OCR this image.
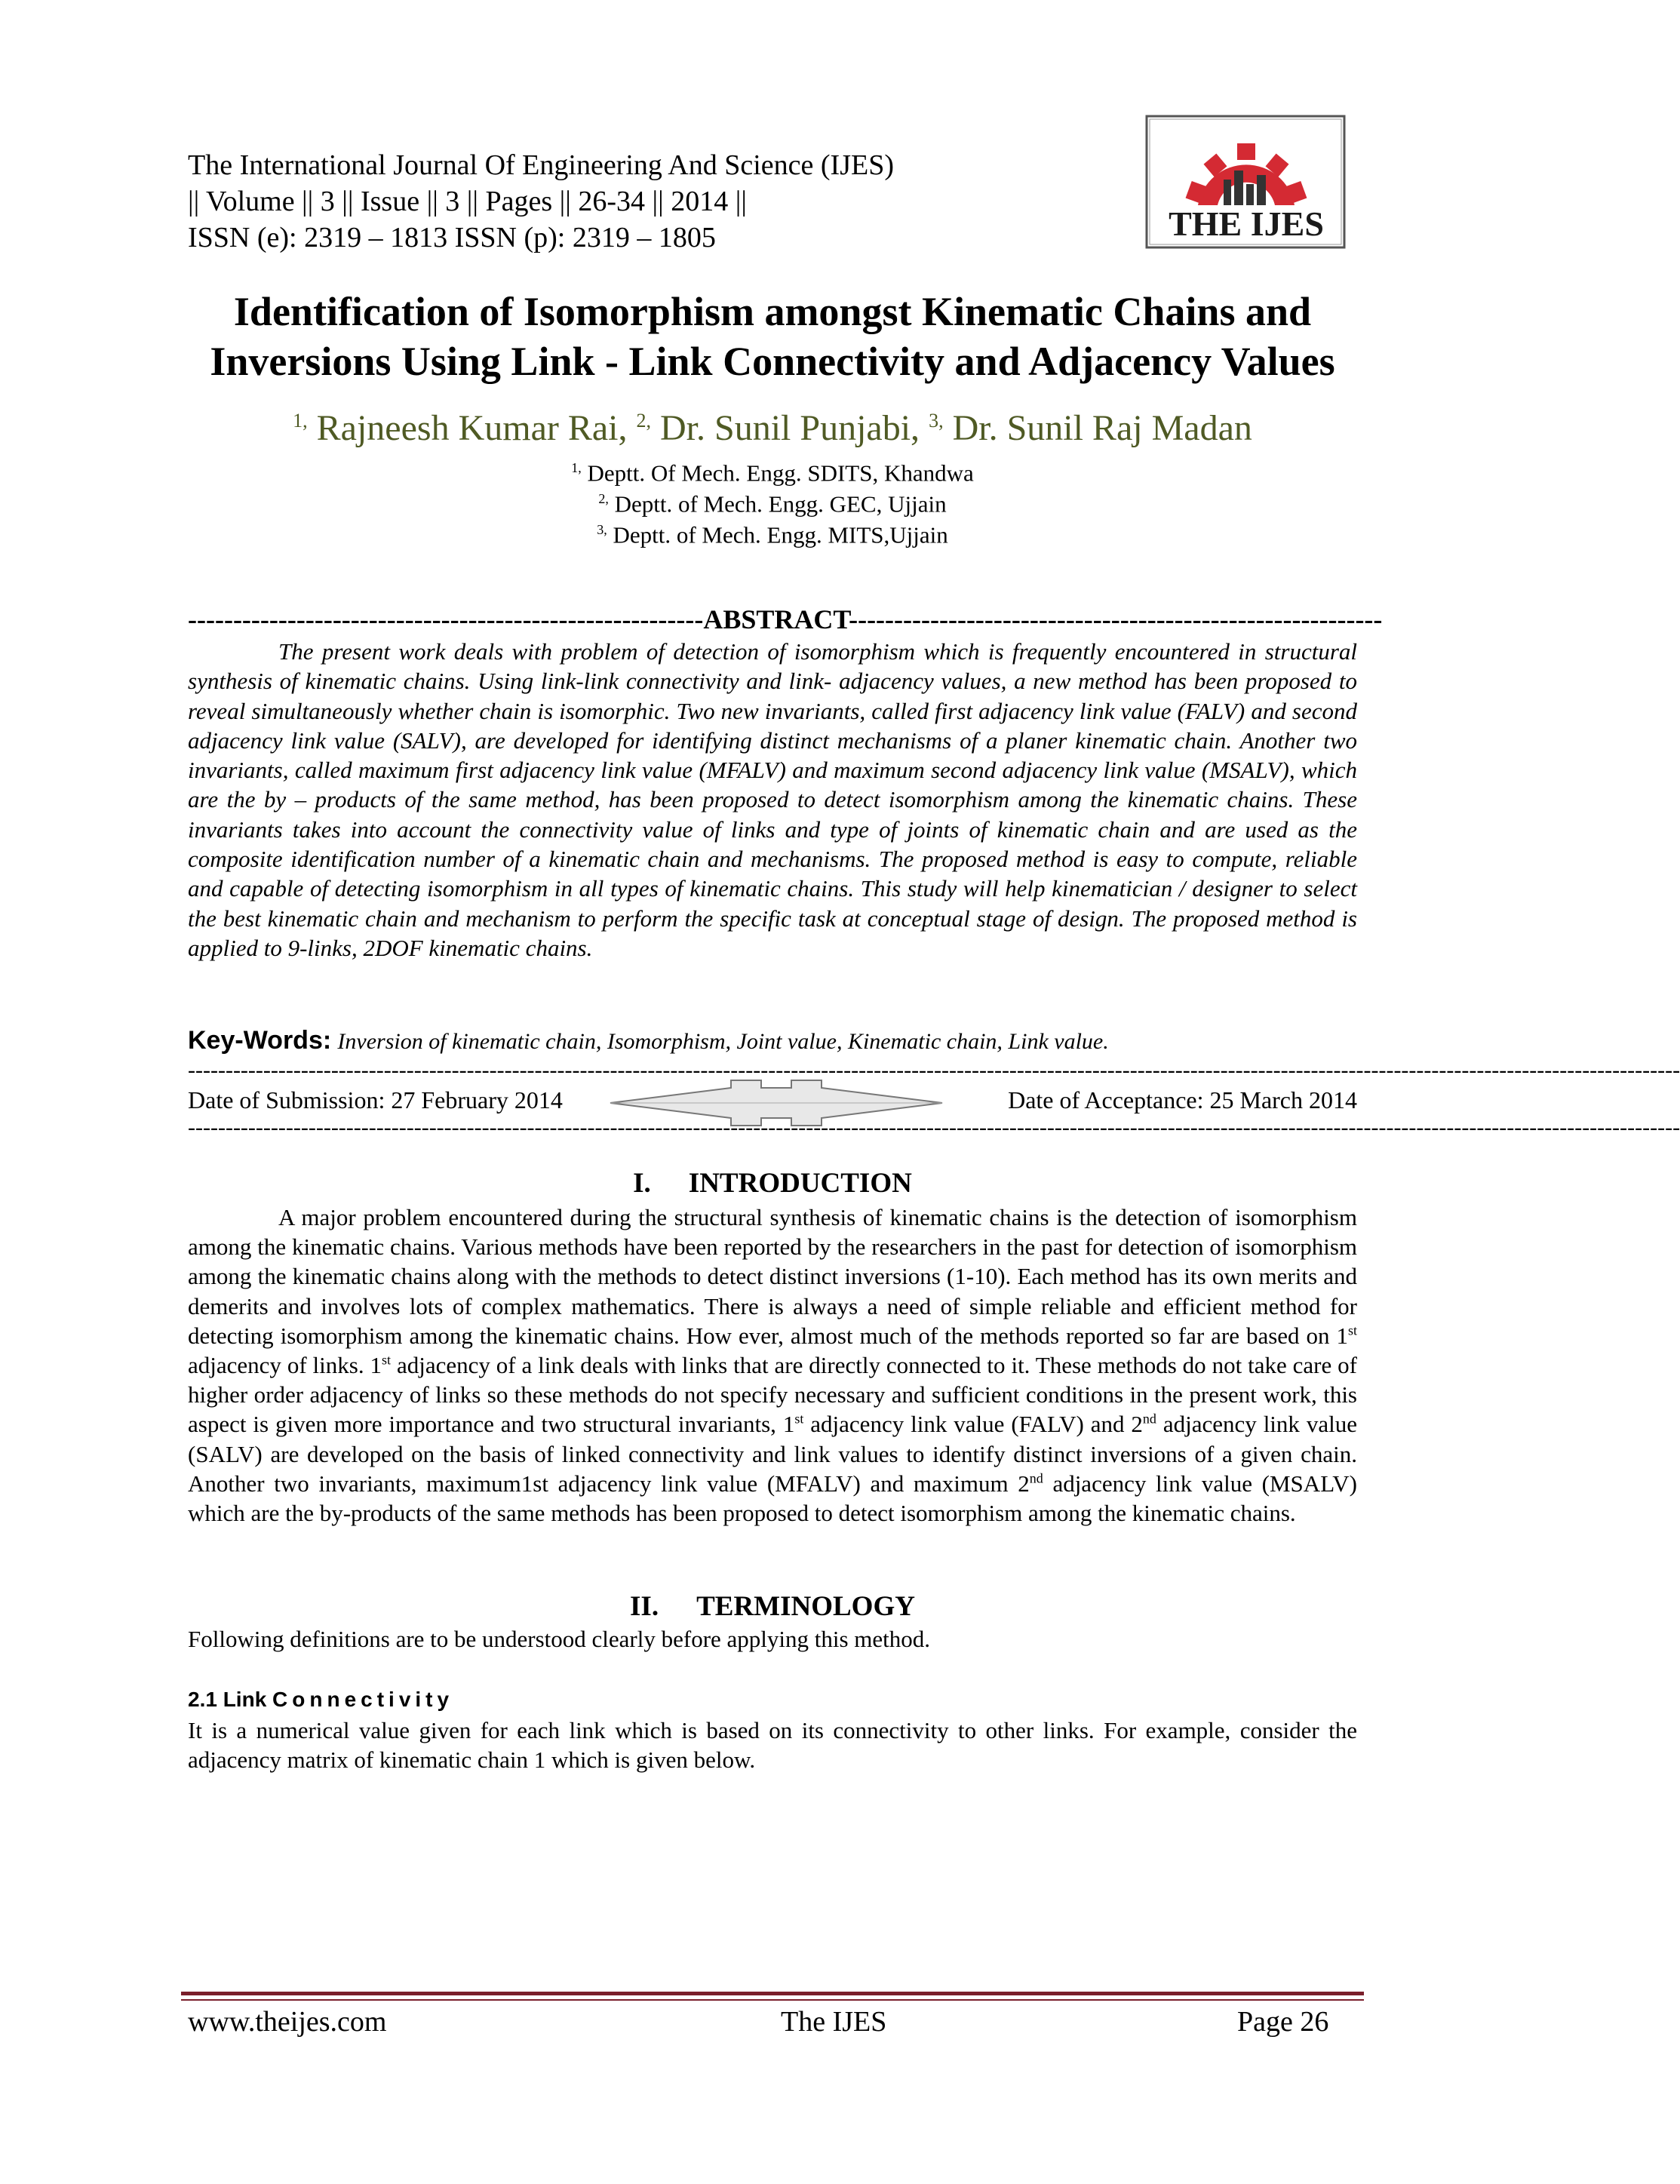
The International Journal Of Engineering And Science (IJES)
|| Volume || 3 || Issue || 3 || Pages || 26-34 || 2014 ||
ISSN (e): 2319 – 1813 ISSN (p): 2319 – 1805	THE IJES
Identification of Isomorphism amongst Kinematic Chains and
Inversions Using Link - Link Connectivity and Adjacency Values
$^{1,}$ Rajneesh Kumar Rai, $^{2,}$ Dr. Sunil Punjabi, $^{3,}$ Dr. Sunil Raj Madan
$^{1,}$ Deptt. Of Mech. Engg. SDITS, Khandwa
$^{2,}$ Deptt. of Mech. Engg. GEC, Ujjain
$^{3,}$ Deptt. of Mech. Engg. MITS,Ujjain
---------------------------------------------------------ABSTRACT-----------------------------------------------------------
The present work deals with problem of detection of isomorphism which is frequently encountered in structural synthesis of kinematic chains. Using link-link connectivity and link- adjacency values, a new method has been proposed to reveal simultaneously whether chain is isomorphic. Two new invariants, called first adjacency link value (FALV) and second adjacency link value (SALV), are developed for identifying distinct mechanisms of a planer kinematic chain. Another two invariants, called maximum first adjacency link value (MFALV) and maximum second adjacency link value (MSALV), which are the by – products of the same method, has been proposed to detect isomorphism among the kinematic chains. These invariants takes into account the connectivity value of links and type of joints of kinematic chain and are used as the composite identification number of a kinematic chain and mechanisms. The proposed method is easy to compute, reliable and capable of detecting isomorphism in all types of kinematic chains. This study will help kinematician / designer to select the best kinematic chain and mechanism to perform the specific task at conceptual stage of design. The proposed method is applied to 9-links, 2DOF kinematic chains.
Key-Words: Inversion of kinematic chain, Isomorphism, Joint value, Kinematic chain, Link value.
------------------------------------------------------------------------------------------------------------------------------------------------------------------------------------------------------
Date of Submission: 27 February 2014	Date of Acceptance: 25 March 2014
------------------------------------------------------------------------------------------------------------------------------------------------------------------------------------------------------
I. INTRODUCTION
A major problem encountered during the structural synthesis of kinematic chains is the detection of isomorphism among the kinematic chains. Various methods have been reported by the researchers in the past for detection of isomorphism among the kinematic chains along with the methods to detect distinct inversions (1-10). Each method has its own merits and demerits and involves lots of complex mathematics. There is always a need of simple reliable and efficient method for detecting isomorphism among the kinematic chains. How ever, almost much of the methods reported so far are based on 1st adjacency of links. 1st adjacency of a link deals with links that are directly connected to it. These methods do not take care of higher order adjacency of links so these methods do not specify necessary and sufficient conditions in the present work, this aspect is given more importance and two structural invariants, 1st adjacency link value (FALV) and 2nd adjacency link value (SALV) are developed on the basis of linked connectivity and link values to identify distinct inversions of a given chain. Another two invariants, maximum1st adjacency link value (MFALV) and maximum 2nd adjacency link value (MSALV) which are the by-products of the same methods has been proposed to detect isomorphism among the kinematic chains.
II. TERMINOLOGY
Following definitions are to be understood clearly before applying this method.
2.1 Link Connectivity
It is a numerical value given for each link which is based on its connectivity to other links. For example, consider the adjacency matrix of kinematic chain 1 which is given below.
www.theijes.com	The IJES	Page 26
